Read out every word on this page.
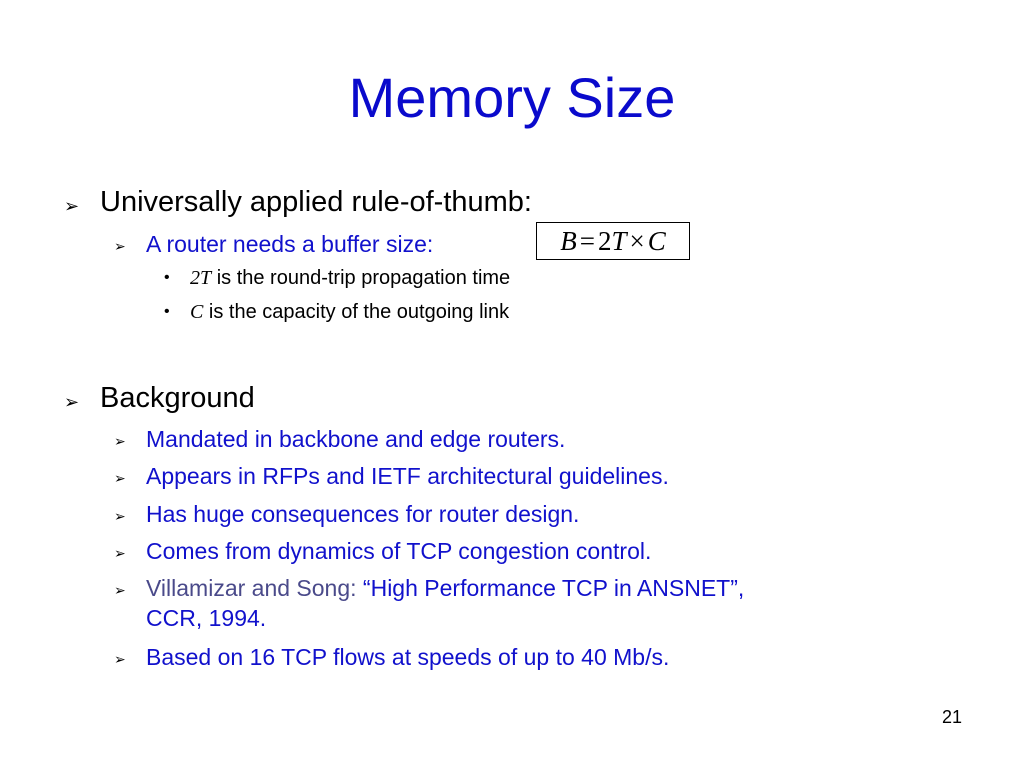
Memory Size
➢ Universally applied rule-of-thumb:
➢ A router needs a buffer size:	B = 2T × C
• 2T is the round-trip propagation time
• C is the capacity of the outgoing link
➢ Background
➢ Mandated in backbone and edge routers.
➢ Appears in RFPs and IETF architectural guidelines.
➢ Has huge consequences for router design.
➢ Comes from dynamics of TCP congestion control.
➢ Villamizar and Song: “High Performance TCP in ANSNET”,
CCR, 1994.
➢ Based on 16 TCP flows at speeds of up to 40 Mb/s.
21
